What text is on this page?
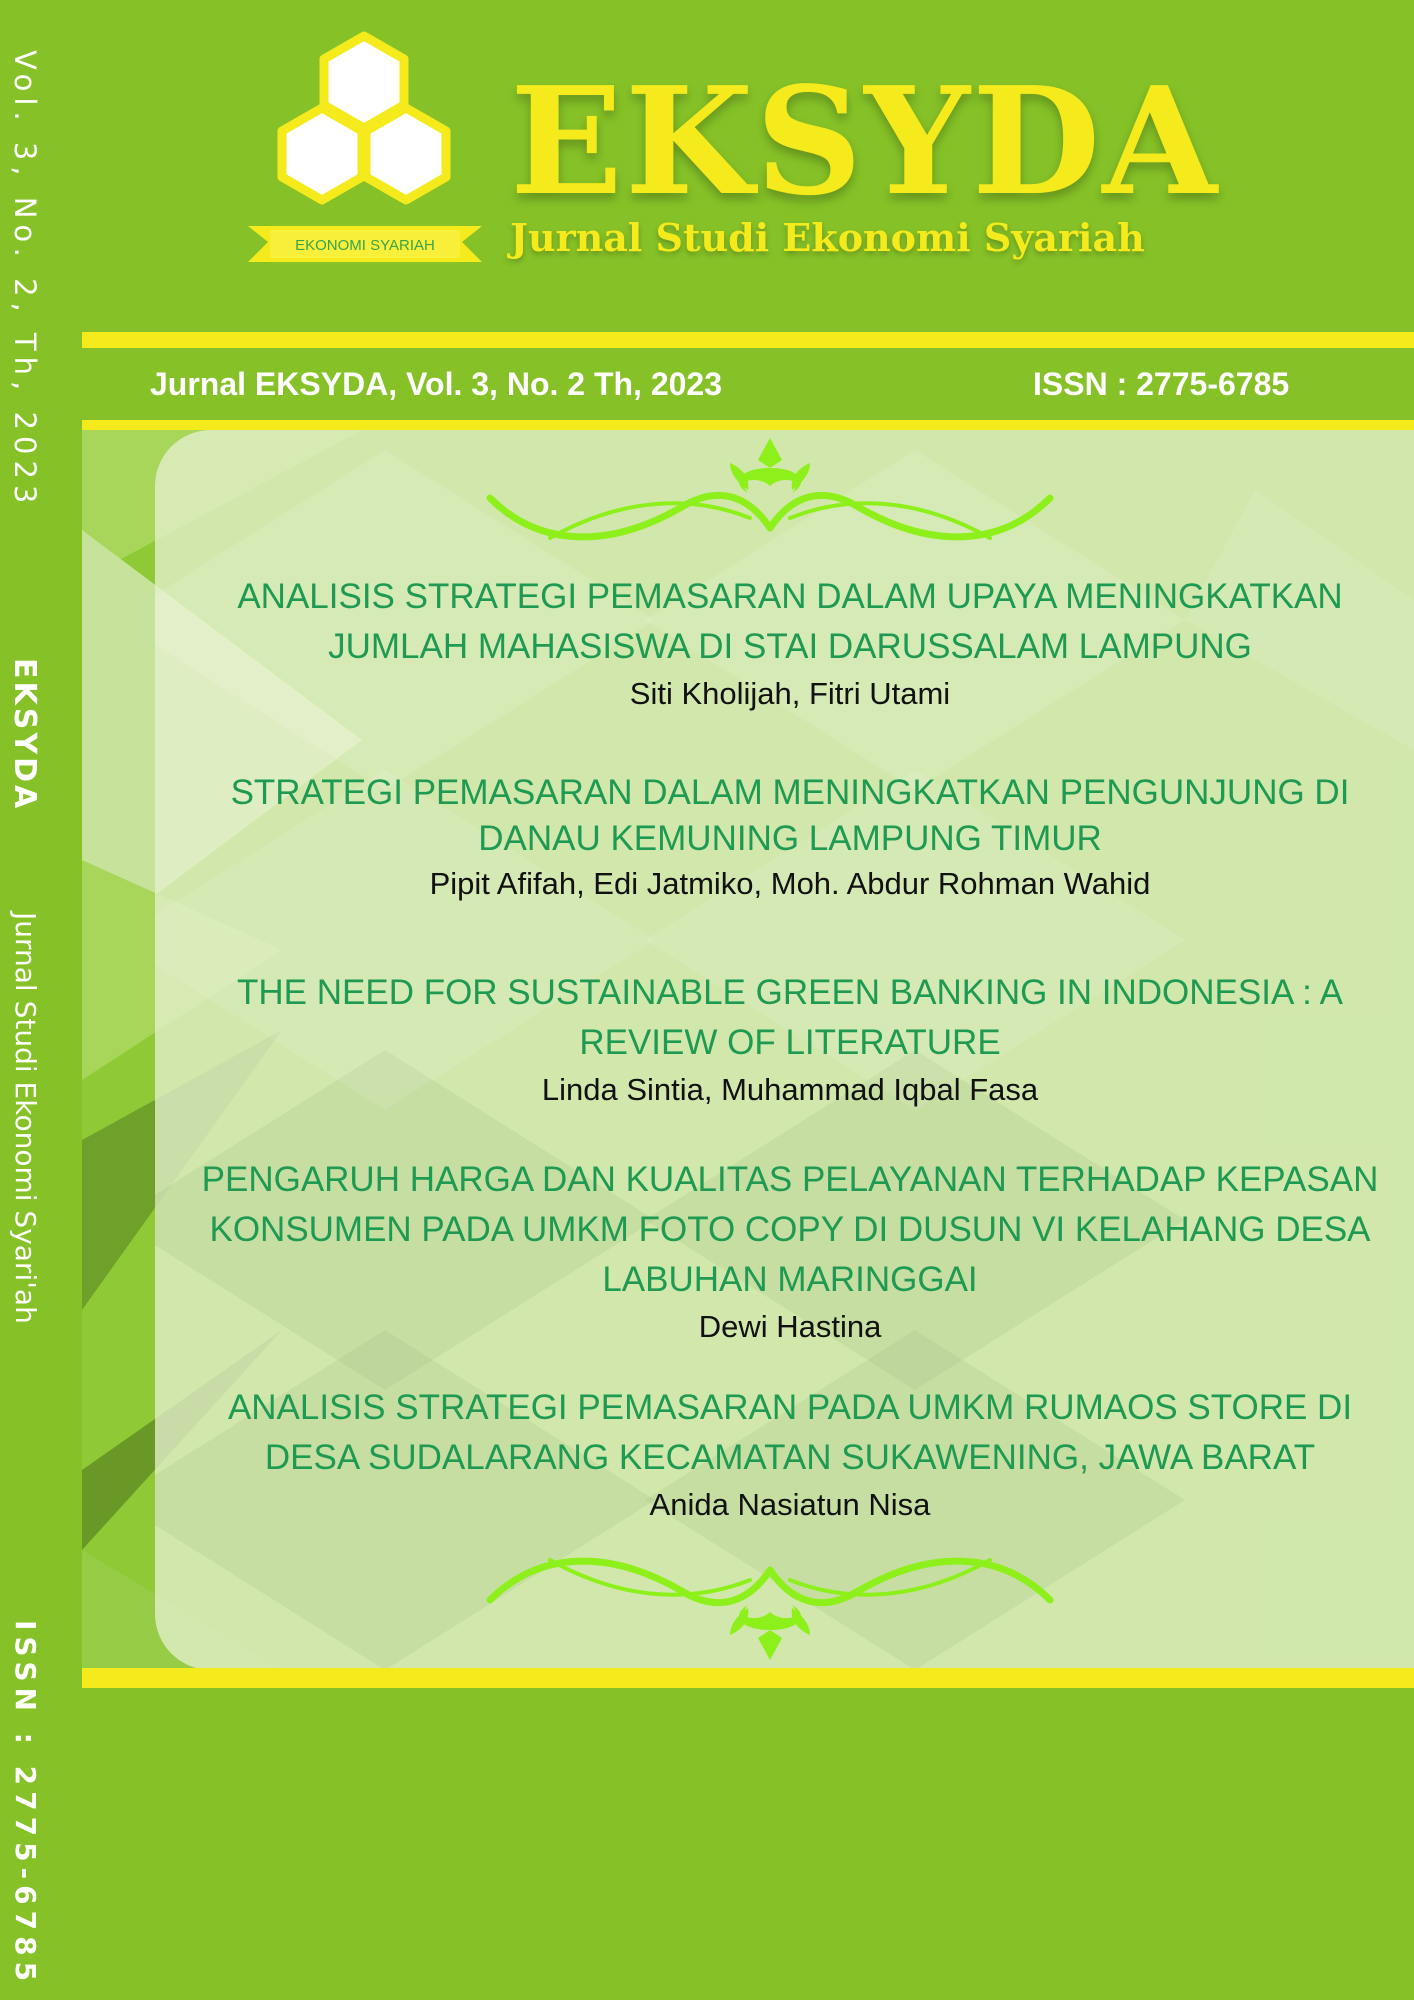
Vol. 3, No. 2, Th, 2023
EKSYDA
Jurnal Studi Ekonomi Syari'ah
ISSN : 2775-6785
EKONOMI SYARIAH
EKSYDA
Jurnal Studi Ekonomi Syariah
Jurnal EKSYDA, Vol. 3, No. 2 Th, 2023	ISSN : 2775-6785
ANALISIS STRATEGI PEMASARAN DALAM UPAYA MENINGKATKAN
JUMLAH MAHASISWA DI STAI DARUSSALAM LAMPUNG
Siti Kholijah, Fitri Utami
STRATEGI PEMASARAN DALAM MENINGKATKAN PENGUNJUNG DI
DANAU KEMUNING LAMPUNG TIMUR
Pipit Afifah, Edi Jatmiko, Moh. Abdur Rohman Wahid
THE NEED FOR SUSTAINABLE GREEN BANKING IN INDONESIA : A
REVIEW OF LITERATURE
Linda Sintia, Muhammad Iqbal Fasa
PENGARUH HARGA DAN KUALITAS PELAYANAN TERHADAP KEPASAN
KONSUMEN PADA UMKM FOTO COPY DI DUSUN VI KELAHANG DESA
LABUHAN MARINGGAI
Dewi Hastina
ANALISIS STRATEGI PEMASARAN PADA UMKM RUMAOS STORE DI
DESA SUDALARANG KECAMATAN SUKAWENING, JAWA BARAT
Anida Nasiatun Nisa
